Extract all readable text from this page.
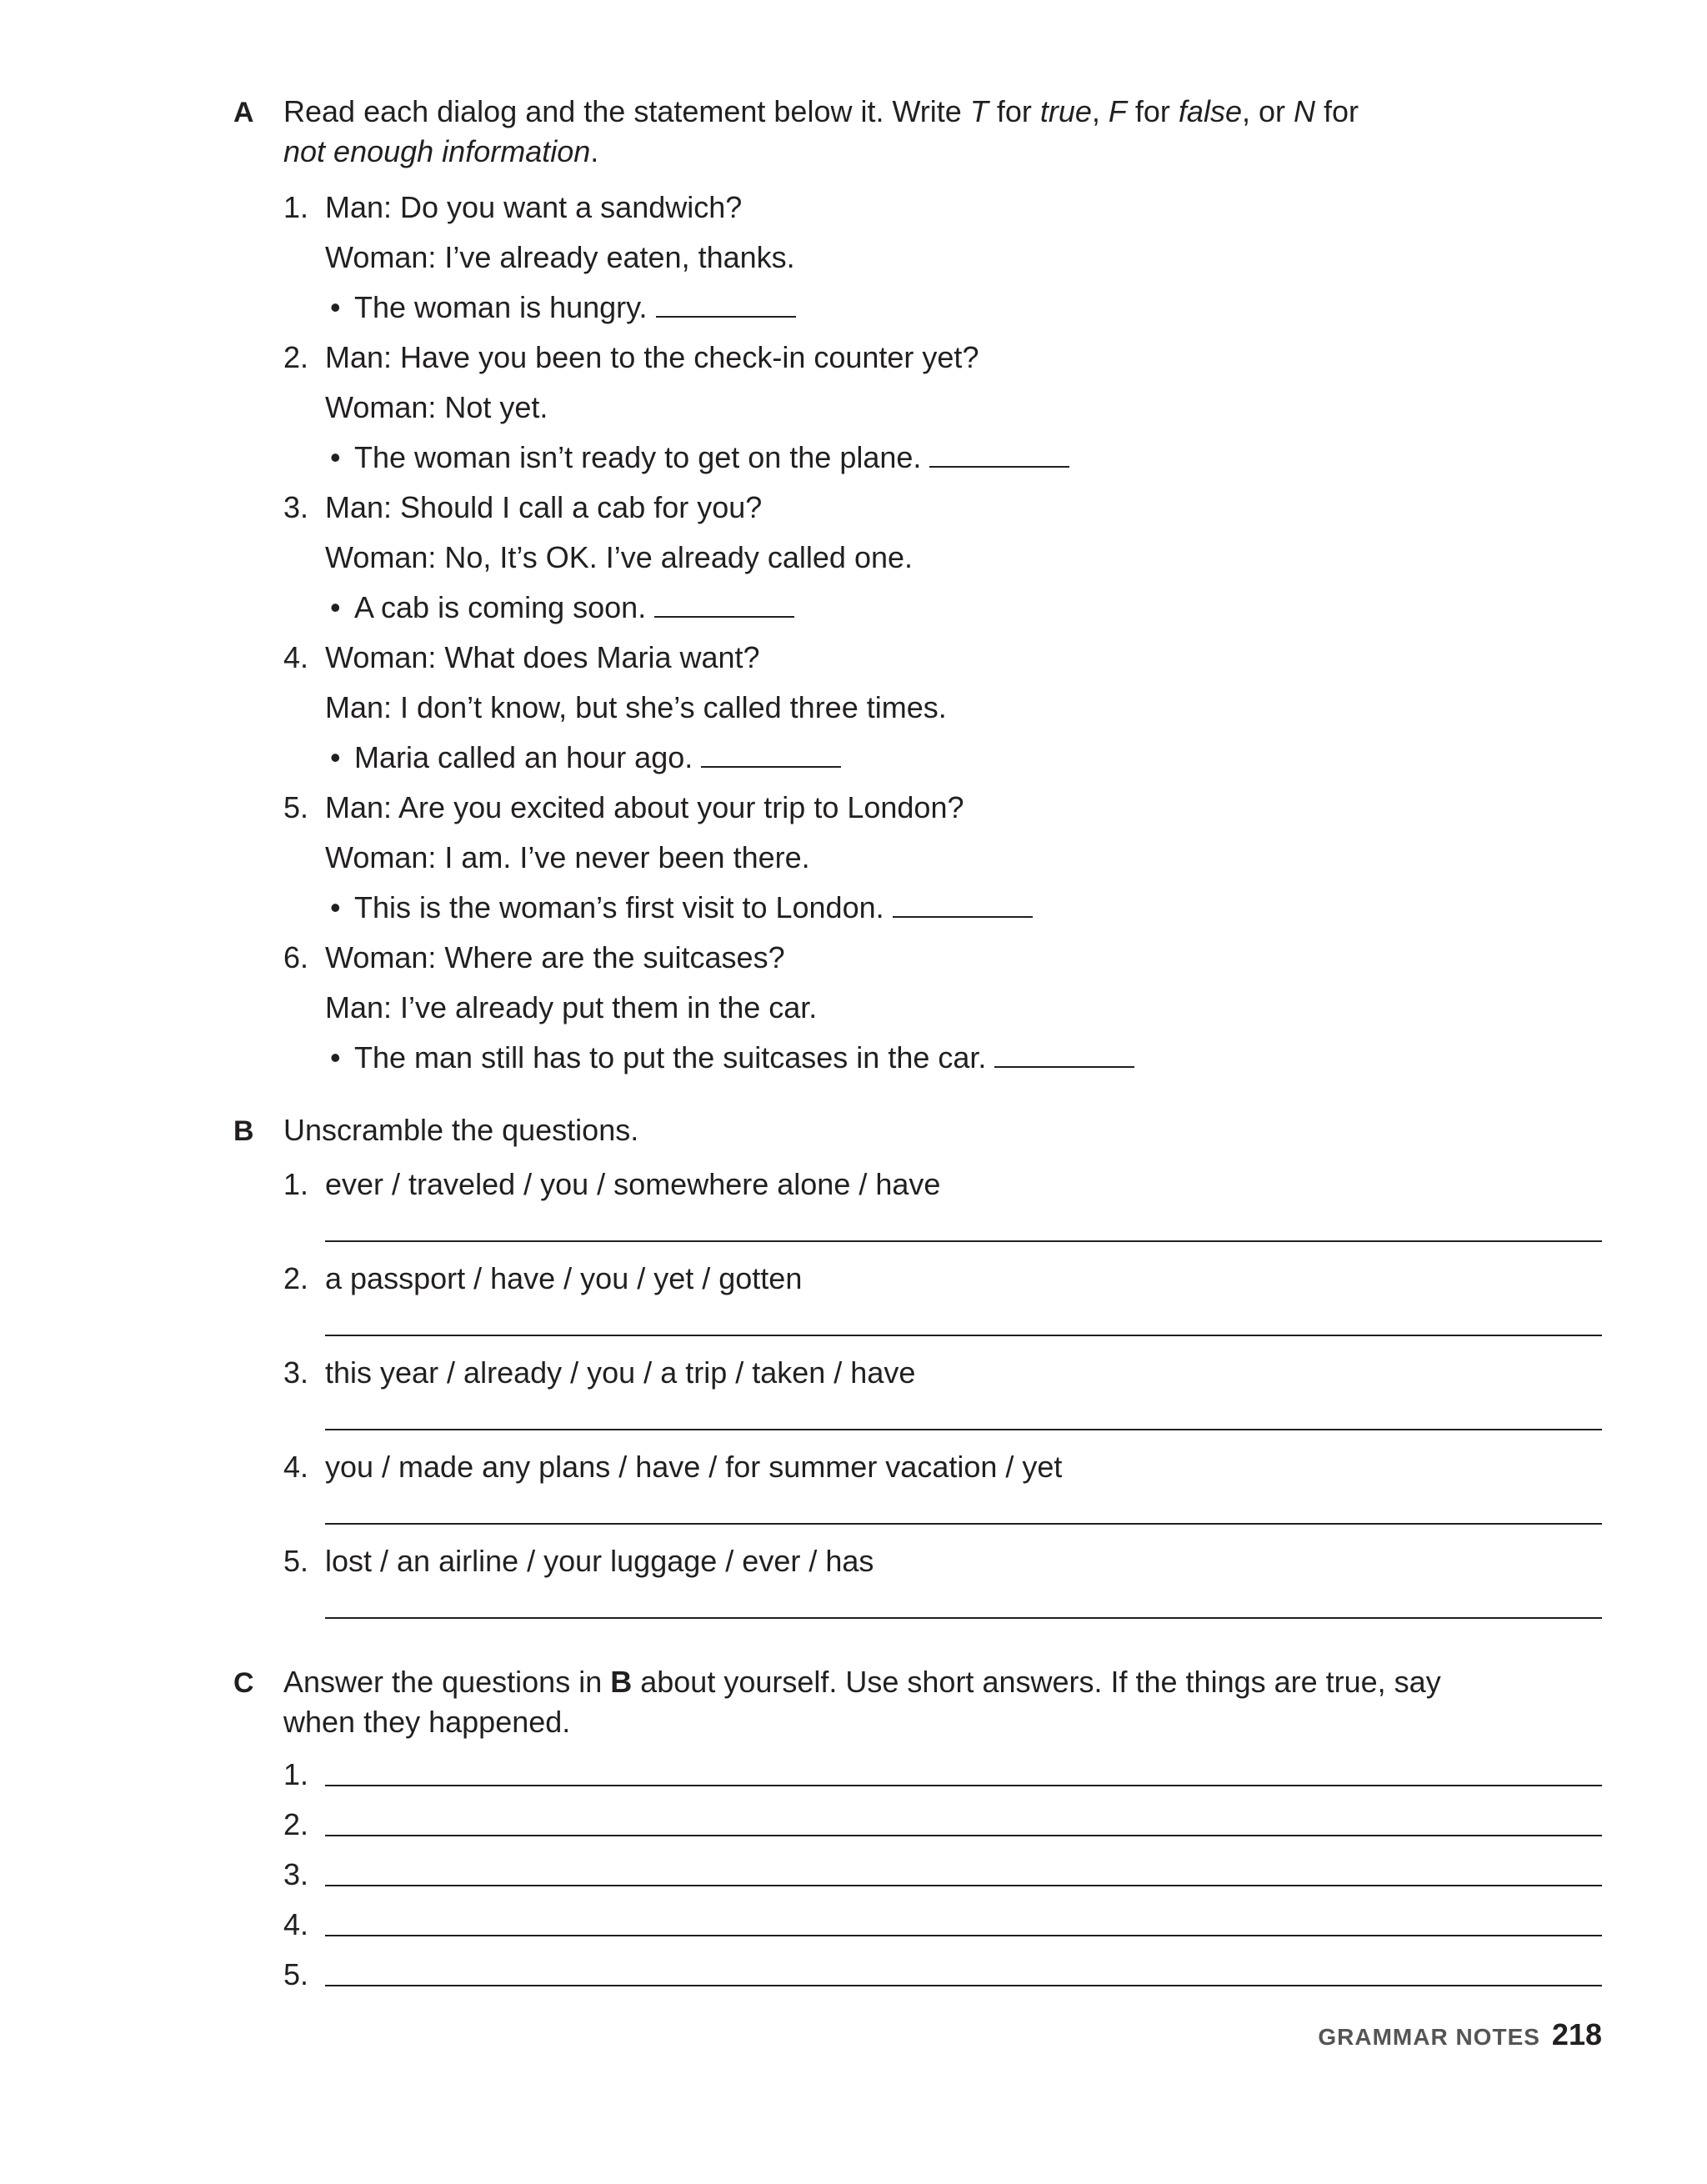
A Read each dialog and the statement below it. Write T for true, F for false, or N for
not enough information.
1. Man: Do you want a sandwich?
Woman: I’ve already eaten, thanks.
• The woman is hungry.
2. Man: Have you been to the check-in counter yet?
Woman: Not yet.
• The woman isn’t ready to get on the plane.
3. Man: Should I call a cab for you?
Woman: No, It’s OK. I’ve already called one.
• A cab is coming soon.
4. Woman: What does Maria want?
Man: I don’t know, but she’s called three times.
• Maria called an hour ago.
5. Man: Are you excited about your trip to London?
Woman: I am. I’ve never been there.
• This is the woman’s first visit to London.
6. Woman: Where are the suitcases?
Man: I’ve already put them in the car.
• The man still has to put the suitcases in the car.
B Unscramble the questions.
1. ever / traveled / you / somewhere alone / have
2. a passport / have / you / yet / gotten
3. this year / already / you / a trip / taken / have
4. you / made any plans / have / for summer vacation / yet
5. lost / an airline / your luggage / ever / has
C Answer the questions in B about yourself. Use short answers. If the things are true, say when they happened.
1.
2.
3.
4.
5.
GRAMMAR NOTES 218
